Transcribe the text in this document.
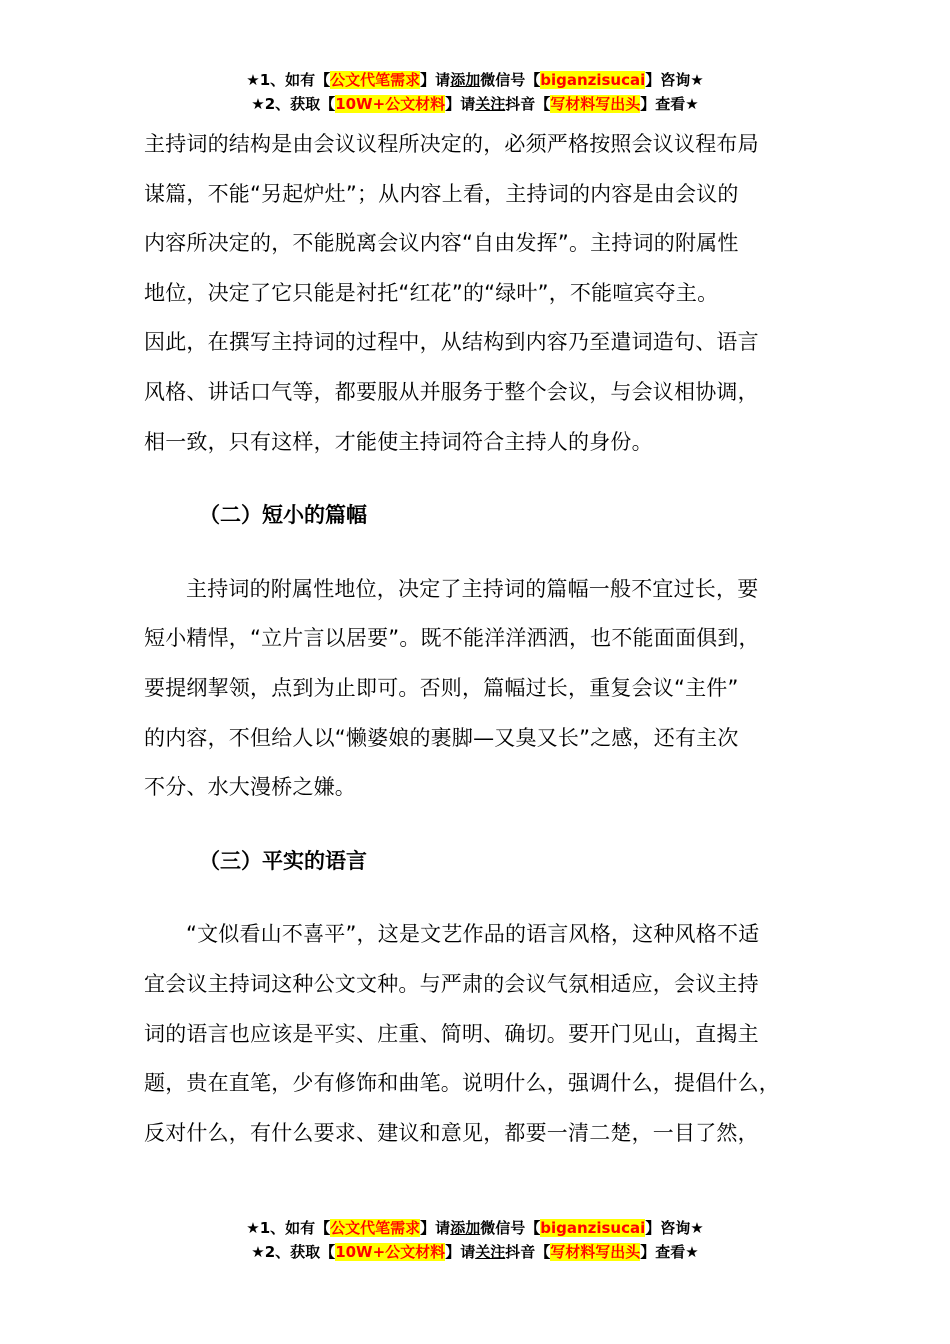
★1、如有【公文代笔需求】请添加微信号【biganzisucai】咨询★
★2、获取【10W+公文材料】请关注抖音【写材料写出头】查看★
主持词的结构是由会议议程所决定的，必须严格按照会议议程布局
谋篇，不能“另起炉灶”；从内容上看，主持词的内容是由会议的
内容所决定的，不能脱离会议内容“自由发挥”。主持词的附属性
地位，决定了它只能是衬托“红花”的“绿叶”，不能喧宾夺主。
因此，在撰写主持词的过程中，从结构到内容乃至遣词造句、语言
风格、讲话口气等，都要服从并服务于整个会议，与会议相协调，
相一致，只有这样，才能使主持词符合主持人的身份。
（二）短小的篇幅
主持词的附属性地位，决定了主持词的篇幅一般不宜过长，要
短小精悍，“立片言以居要”。既不能洋洋洒洒，也不能面面俱到，
要提纲挈领，点到为止即可。否则，篇幅过长，重复会议“主件”
的内容，不但给人以“懒婆娘的裹脚—又臭又长”之感，还有主次
不分、水大漫桥之嫌。
（三）平实的语言
“文似看山不喜平”，这是文艺作品的语言风格，这种风格不适
宜会议主持词这种公文文种。与严肃的会议气氛相适应，会议主持
词的语言也应该是平实、庄重、简明、确切。要开门见山，直揭主
题，贵在直笔，少有修饰和曲笔。说明什么，强调什么，提倡什么，
反对什么，有什么要求、建议和意见，都要一清二楚，一目了然，
★1、如有【公文代笔需求】请添加微信号【biganzisucai】咨询★
★2、获取【10W+公文材料】请关注抖音【写材料写出头】查看★
